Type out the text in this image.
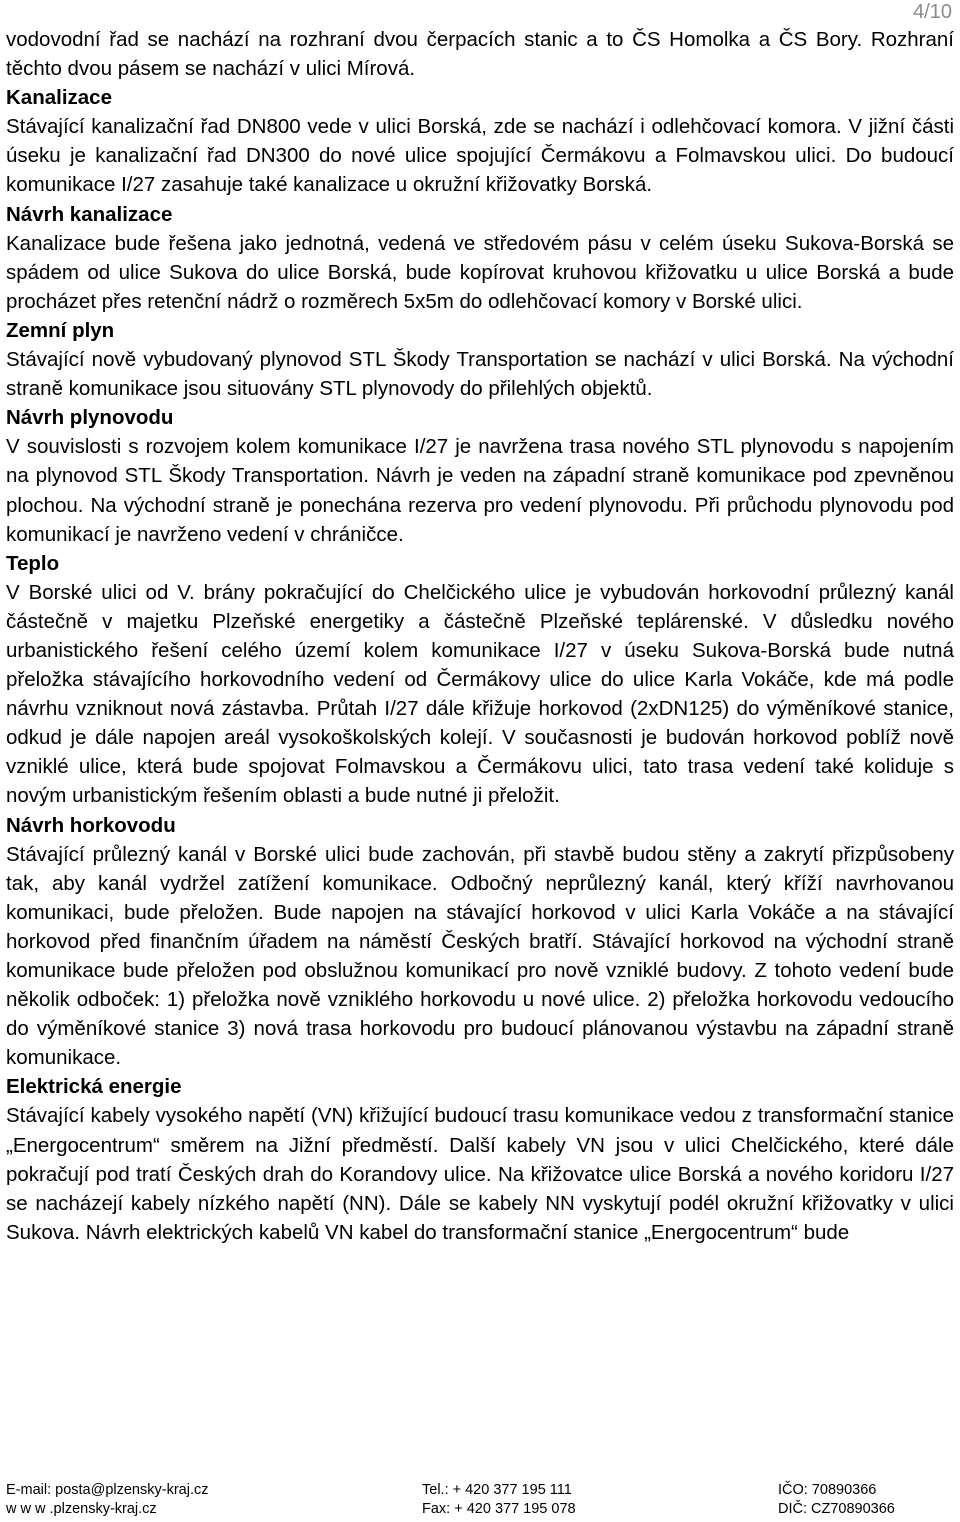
4/10

vodovodní řad se nachází na rozhraní dvou čerpacích stanic a to ČS Homolka a ČS Bory. Rozhraní těchto dvou pásem se nachází v ulici Mírová.

Kanalizace

Stávající kanalizační řad DN800 vede v ulici Borská, zde se nachází i odlehčovací komora. V jižní části úseku je kanalizační řad DN300 do nové ulice spojující Čermákovu a Folmavskou ulici. Do budoucí komunikace I/27 zasahuje také kanalizace u okružní křižovatky Borská.

Návrh kanalizace

Kanalizace bude řešena jako jednotná, vedená ve středovém pásu v celém úseku Sukova-Borská se spádem od ulice Sukova do ulice Borská, bude kopírovat kruhovou křižovatku u ulice Borská a bude procházet přes retenční nádrž o rozměrech 5x5m do odlehčovací komory v Borské ulici.

Zemní plyn

Stávající nově vybudovaný plynovod STL Škody Transportation se nachází v ulici Borská. Na východní straně komunikace jsou situovány STL plynovody do přilehlých objektů.

Návrh plynovodu

V souvislosti s rozvojem kolem komunikace I/27 je navržena trasa nového STL plynovodu s napojením na plynovod STL Škody Transportation. Návrh je veden na západní straně komunikace pod zpevněnou plochou. Na východní straně je ponechána rezerva pro vedení plynovodu. Při průchodu plynovodu pod komunikací je navrženo vedení v chráničce.

Teplo

V Borské ulici od V. brány pokračující do Chelčického ulice je vybudován horkovodní průlezný kanál částečně v majetku Plzeňské energetiky a částečně Plzeňské teplárenské. V důsledku nového urbanistického řešení celého území kolem komunikace I/27 v úseku Sukova-Borská bude nutná přeložka stávajícího horkovodního vedení od Čermákovy ulice do ulice Karla Vokáče, kde má podle návrhu vzniknout nová zástavba. Průtah I/27 dále křižuje horkovod (2xDN125) do výměníkové stanice, odkud je dále napojen areál vysokoškolských kolejí. V současnosti je budován horkovod poblíž nově vzniklé ulice, která bude spojovat Folmavskou a Čermákovu ulici, tato trasa vedení také koliduje s novým urbanistickým řešením oblasti a bude nutné ji přeložit.

Návrh horkovodu

Stávající průlezný kanál v Borské ulici bude zachován, při stavbě budou stěny a zakrytí přizpůsobeny tak, aby kanál vydržel zatížení komunikace. Odbočný neprůlezný kanál, který kříží navrhovanou komunikaci, bude přeložen. Bude napojen na stávající horkovod v ulici Karla Vokáče a na stávající horkovod před finančním úřadem na náměstí Českých bratří. Stávající horkovod na východní straně komunikace bude přeložen pod obslužnou komunikací pro nově vzniklé budovy. Z tohoto vedení bude několik odboček: 1) přeložka nově vzniklého horkovodu u nové ulice. 2) přeložka horkovodu vedoucího do výměníkové stanice 3) nová trasa horkovodu pro budoucí plánovanou výstavbu na západní straně komunikace.

Elektrická energie

Stávající kabely vysokého napětí (VN) křižující budoucí trasu komunikace vedou z transformační stanice „Energocentrum“ směrem na Jižní předměstí. Další kabely VN jsou v ulici Chelčického, které dále pokračují pod tratí Českých drah do Korandovy ulice. Na křižovatce ulice Borská a nového koridoru I/27 se nacházejí kabely nízkého napětí (NN). Dále se kabely NN vyskytují podél okružní křižovatky v ulici Sukova. Návrh elektrických kabelů VN kabel do transformační stanice „Energocentrum“ bude

E-mail: posta@plzensky-kraj.cz
w w w .plzensky-kraj.cz
Tel.: + 420 377 195 111
Fax: + 420 377 195 078
IČO: 70890366
DIČ: CZ70890366
